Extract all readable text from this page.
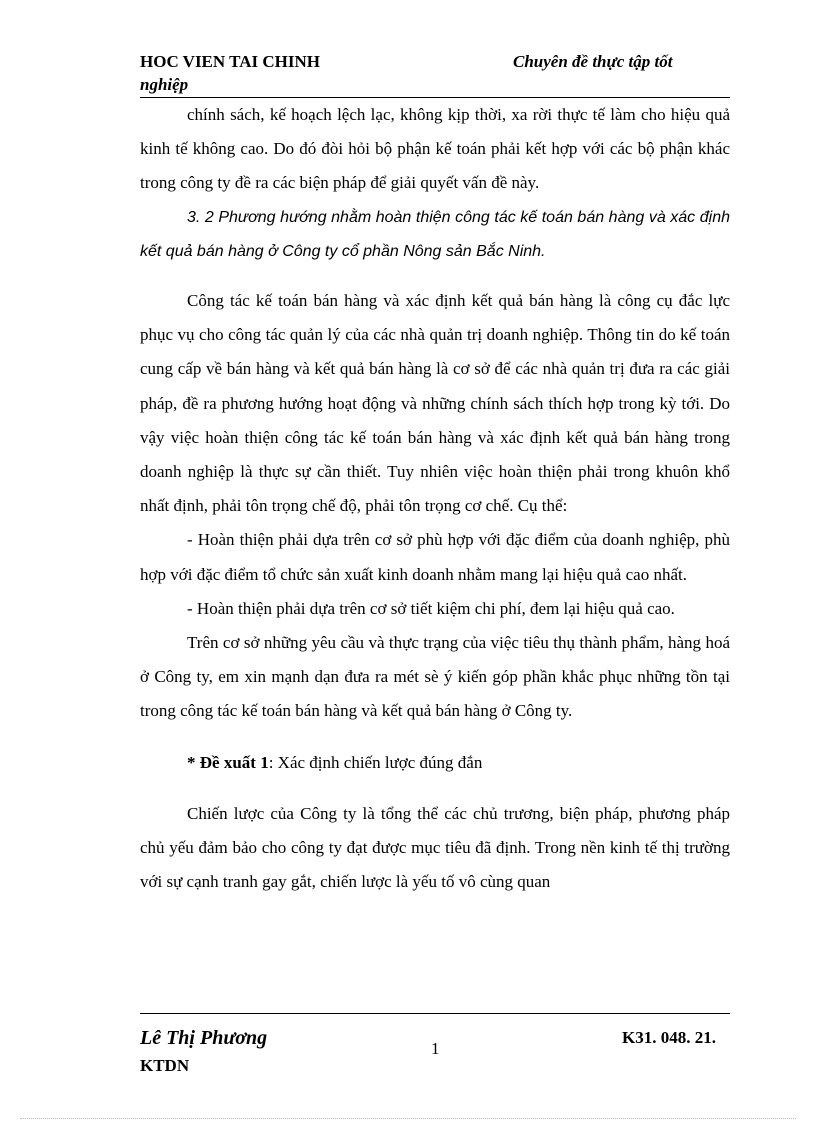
HOC VIEN TAI CHINH	Chuyên đề thực tập tốt
nghiệp

chính sách, kế hoạch lệch lạc, không kịp thời, xa rời thực tế làm cho hiệu quả kinh tế không cao. Do đó đòi hỏi bộ phận kế toán phải kết hợp với các bộ phận khác trong công ty đề ra các biện pháp để giải quyết vấn đề này.

3. 2 Phương hướng nhằm hoàn thiện công tác kế toán bán hàng và xác định kết quả bán hàng ở Công ty cổ phần Nông sản Bắc Ninh.

Công tác kế toán bán hàng và xác định kết quả bán hàng là công cụ đắc lực phục vụ cho công tác quản lý của các nhà quản trị doanh nghiệp. Thông tin do kế toán cung cấp về bán hàng và kết quả bán hàng là cơ sở để các nhà quản trị đưa ra các giải pháp, đề ra phương hướng hoạt động và những chính sách thích hợp trong kỳ tới. Do vậy việc hoàn thiện công tác kế toán bán hàng và xác định kết quả bán hàng trong doanh nghiệp là thực sự cần thiết. Tuy nhiên việc hoàn thiện phải trong khuôn khổ nhất định, phải tôn trọng chế độ, phải tôn trọng cơ chế. Cụ thể:

- Hoàn thiện phải dựa trên cơ sở phù hợp với đặc điểm của doanh nghiệp, phù hợp với đặc điểm tổ chức sản xuất kinh doanh nhằm mang lại hiệu quả cao nhất.

- Hoàn thiện phải dựa trên cơ sở tiết kiệm chi phí, đem lại hiệu quả cao.

Trên cơ sở những yêu cầu và thực trạng của việc tiêu thụ thành phẩm, hàng hoá ở Công ty, em xin mạnh dạn đưa ra mét sè ý kiến góp phần khắc phục những tồn tại trong công tác kế toán bán hàng và kết quả bán hàng ở Công ty.

* Đề xuất 1: Xác định chiến lược đúng đắn

Chiến lược của Công ty là tổng thể các chủ trương, biện pháp, phương pháp chủ yếu đảm bảo cho công ty đạt được mục tiêu đã định. Trong nền kinh tế thị trường với sự cạnh tranh gay gắt, chiến lược là yếu tố vô cùng quan

Lê Thị Phương	1
K31. 048. 21.
KTDN
